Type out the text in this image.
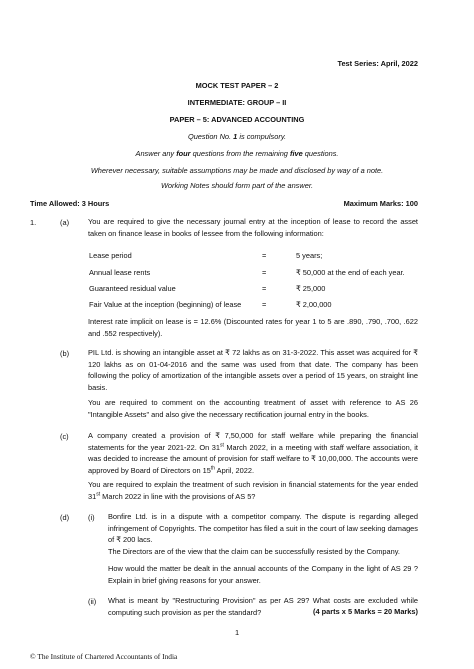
Test Series: April, 2022
MOCK TEST PAPER – 2
INTERMEDIATE: GROUP – II
PAPER – 5: ADVANCED ACCOUNTING
Question No. 1 is compulsory.
Answer any four questions from the remaining five questions.
Wherever necessary, suitable assumptions may be made and disclosed by way of a note.
Working Notes should form part of the answer.
Time Allowed: 3 Hours	Maximum Marks: 100
1.	(a)	You are required to give the necessary journal entry at the inception of lease to record the asset taken on finance lease in books of lessee from the following information:
Lease period	=	5 years;
Annual lease rents	=	₹ 50,000 at the end of each year.
Guaranteed residual value	=	₹ 25,000
Fair Value at the inception (beginning) of lease	=	₹ 2,00,000
Interest rate implicit on lease is = 12.6% (Discounted rates for year 1 to 5 are .890, .790, .700, .622 and .552 respectively).
(b)	PIL Ltd. is showing an intangible asset at ₹ 72 lakhs as on 31-3-2022. This asset was acquired for ₹ 120 lakhs as on 01-04-2016 and the same was used from that date. The company has been following the policy of amortization of the intangible assets over a period of 15 years, on straight line basis.
You are required to comment on the accounting treatment of asset with reference to AS 26 "Intangible Assets" and also give the necessary rectification journal entry in the books.
(c)	A company created a provision of ₹ 7,50,000 for staff welfare while preparing the financial statements for the year 2021-22. On 31st March 2022, in a meeting with staff welfare association, it was decided to increase the amount of provision for staff welfare to ₹ 10,00,000. The accounts were approved by Board of Directors on 15th April, 2022.
You are required to explain the treatment of such revision in financial statements for the year ended 31st March 2022 in line with the provisions of AS 5?
(d)	(i) Bonfire Ltd. is in a dispute with a competitor company. The dispute is regarding alleged infringement of Copyrights. The competitor has filed a suit in the court of law seeking damages of ₹ 200 lacs.
The Directors are of the view that the claim can be successfully resisted by the Company.
How would the matter be dealt in the annual accounts of the Company in the light of AS 29 ? Explain in brief giving reasons for your answer.
(ii) What is meant by "Restructuring Provision" as per AS 29? What costs are excluded while computing such provision as per the standard?	(4 parts x 5 Marks = 20 Marks)
1
© The Institute of Chartered Accountants of India
